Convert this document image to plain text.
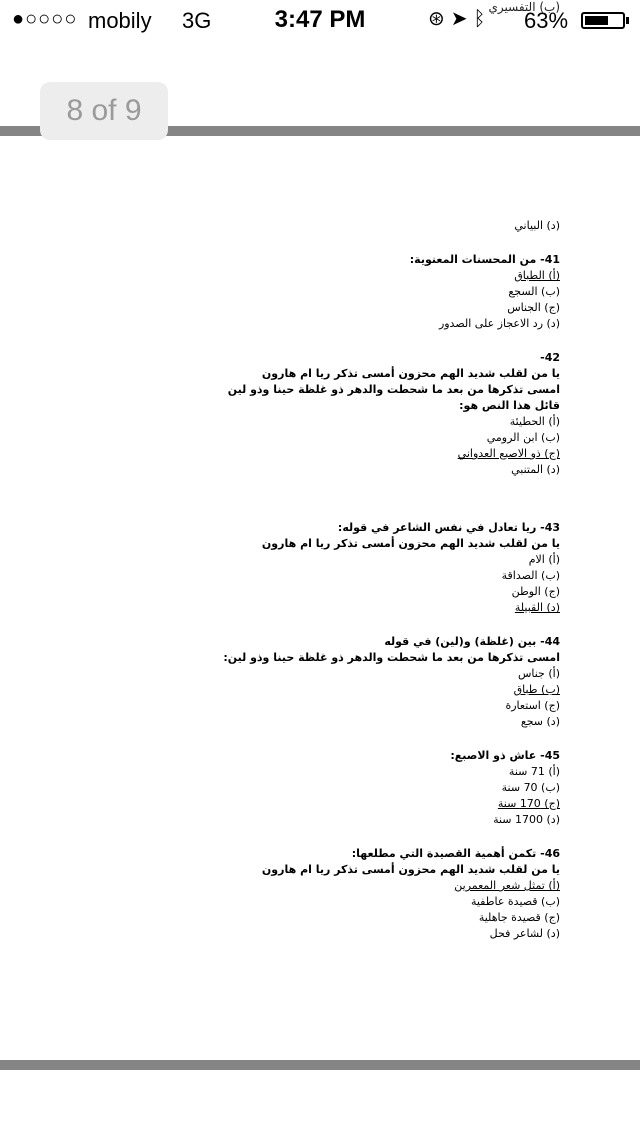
●○○○○ mobily 3G	3:47 PM	⊛ ➤ ᛒ 63%
(ب) التفسيري
8 of 9
(د) البياني
41- من المحسنات المعنوية:
(أ) الطباق
(ب) السجع
(ج) الجناس
(د) رد الاعجاز على الصدور
42-
يا من لقلب شديد الهم محزون أمسى تذكر ريا ام هارون
امسى تذكرها من بعد ما شحطت والدهر ذو غلظة حينا وذو لين
قائل هذا النص هو:
(أ) الحطيئة
(ب) ابن الرومي
(ج) ذو الاصبع العدواني
(د) المتنبي
43- ريا تعادل في نفس الشاعر في قوله:
يا من لقلب شديد الهم محزون أمسى تذكر ريا ام هارون
(أ) الام
(ب) الصداقة
(ج) الوطن
(د) القبيلة
44- بين (غلظة) و(لين) في قوله
امسى تذكرها من بعد ما شحطت والدهر ذو غلظة حينا وذو لين:
(أ) جناس
(ب) طباق
(ج) استعارة
(د) سجع
45- عاش ذو الاصبع:
(أ) 71 سنة
(ب) 70 سنة
(ج) 170 سنة
(د) 1700 سنة
46- تكمن أهمية القصيدة التي مطلعها:
يا من لقلب شديد الهم محزون أمسى تذكر ريا ام هارون
(أ) تمثل شعر المعمرين
(ب) قصيدة عاطفية
(ج) قصيدة جاهلية
(د) لشاعر فحل
